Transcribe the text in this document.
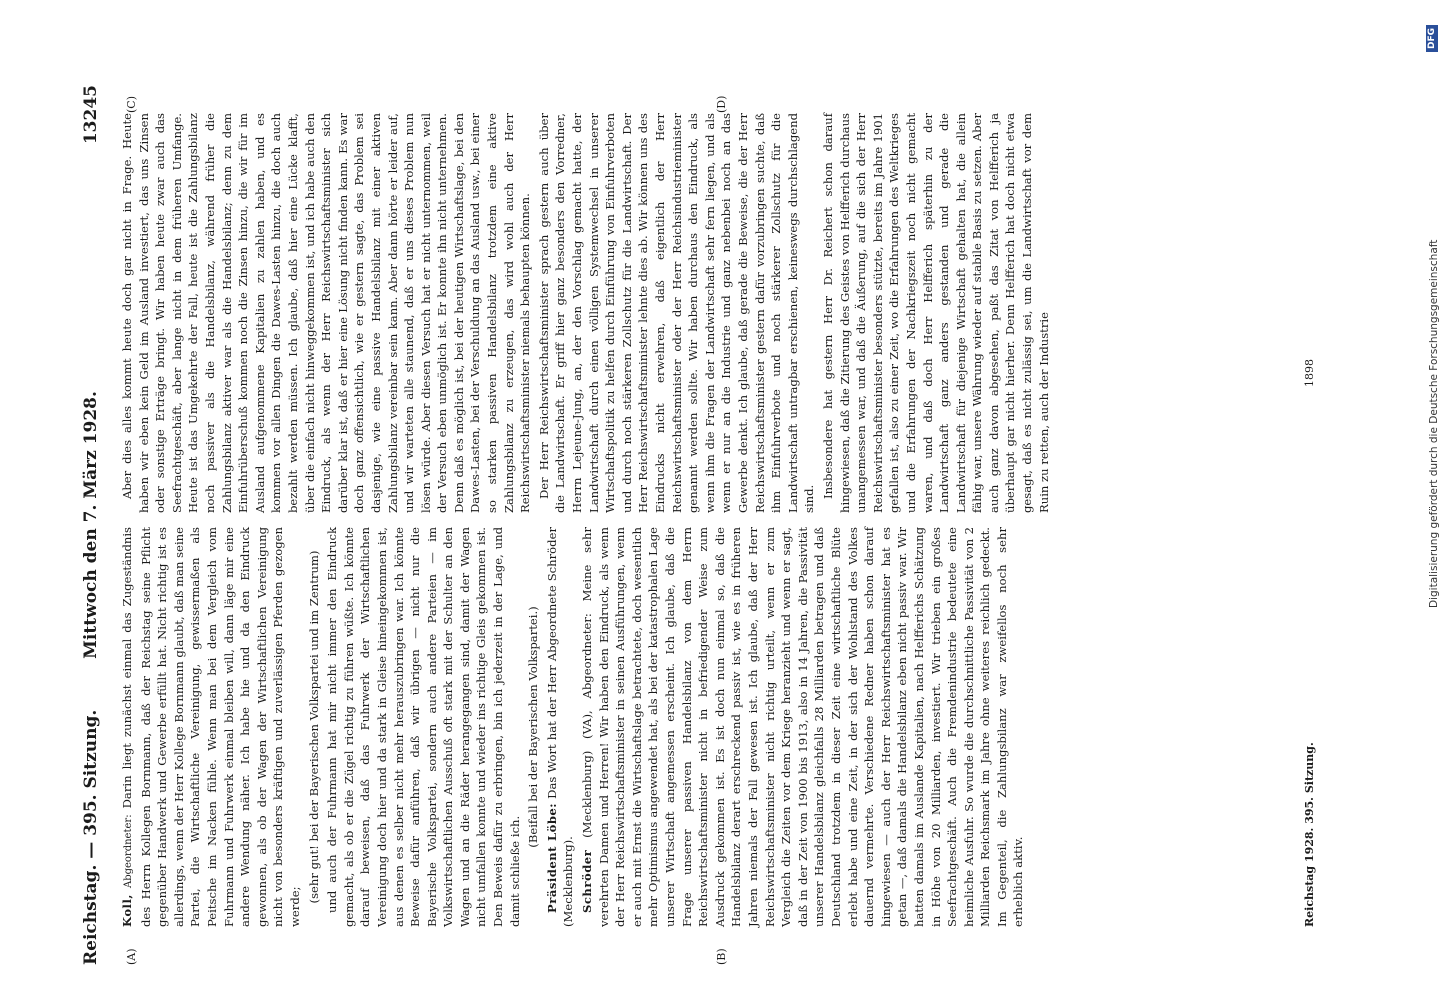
Reichstag. — 395. Sitzung.
Mittwoch den 7. März 1928.
13245
(A)	(B)
(C)	(D)

Koll, Abgeordneter: Darin liegt zunächst einmal das Zugeständnis des Herrn Kollegen Bornmann, daß der Reichstag seine Pflicht gegenüber Handwerk und Gewerbe erfüllt hat. Nicht richtig ist es allerdings, wenn der Herr Kollege Bornmann glaubt, daß man seine Partei, die Wirtschaftliche Vereinigung, gewissermaßen als Peitsche im Nacken fühle. Wenn man bei dem Vergleich vom Fuhrmann und Fuhrwerk einmal bleiben will, dann läge mir eine andere Wendung näher. Ich habe hie und da den Eindruck gewonnen, als ob der Wagen der Wirtschaftlichen Vereinigung nicht von besonders kräftigen und zuverlässigen Pferden gezogen werde;

(sehr gut! bei der Bayerischen Volkspartei und im Zentrum) und auch der Fuhrmann hat mir nicht immer den Eindruck gemacht, als ob er die Zügel richtig zu führen wüßte. Ich könnte darauf beweisen, daß das Fuhrwerk der Wirtschaftlichen Vereinigung doch hier und da stark in Gleise hineingekommen ist, aus denen es selber nicht mehr herauszubringen war. Ich könnte Beweise dafür anführen, daß wir übrigen — nicht nur die Bayerische Volkspartei, sondern auch andere Parteien — im Volkswirtschaftlichen Ausschuß oft stark mit der Schulter an den Wagen und an die Räder herangegangen sind, damit der Wagen nicht umfallen konnte und wieder ins richtige Gleis gekommen ist. Den Beweis dafür zu erbringen, bin ich jederzeit in der Lage, und damit schließe ich.

(Beifall bei der Bayerischen Volkspartei.)

Präsident Löbe: Das Wort hat der Herr Abgeordnete Schröder (Mecklenburg). Schröder (Mecklenburg) (VA), Abgeordneter: Meine sehr verehrten Damen und Herren! Wir haben den Eindruck, als wenn der Herr Reichswirtschaftsminister in seinen Ausführungen, wenn er auch mit Ernst die Wirtschaftslage betrachtete, doch wesentlich mehr Optimismus angewendet hat, als bei der katastrophalen Lage unserer Wirtschaft angemessen erscheint. Ich glaube, daß die Frage unserer passiven Handelsbilanz von dem Herrn Reichswirtschaftsminister nicht in befriedigender Weise zum Ausdruck gekommen ist. Es ist doch nun einmal so, daß die Handelsbilanz derart erschreckend passiv ist, wie es in früheren Jahren niemals der Fall gewesen ist. Ich glaube, daß der Herr Reichswirtschaftsminister nicht richtig urteilt, wenn er zum Vergleich die Zeiten vor dem Kriege heranzieht und wenn er sagt, daß in der Zeit von 1900 bis 1913, also in 14 Jahren, die Passivität unserer Handelsbilanz gleichfalls 28 Milliarden betragen und daß Deutschland trotzdem in dieser Zeit eine wirtschaftliche Blüte erlebt habe und eine Zeit, in der sich der Wohlstand des Volkes dauernd vermehrte. Verschiedene Redner haben schon darauf hingewiesen — auch der Herr Reichswirtschaftsminister hat es getan —, daß damals die Handelsbilanz eben nicht passiv war. Wir hatten damals im Auslande Kapitalien, nach Helfferichs Schätzung in Höhe von 20 Milliarden, investiert. Wir trieben ein großes Seefrachtgeschäft. Auch die Fremdenindustrie bedeutete eine heimliche Ausfuhr. So wurde die durchschnittliche Passivität von 2 Milliarden Reichsmark im Jahre ohne weiteres reichlich gedeckt. Im Gegenteil, die Zahlungsbilanz war zweifellos noch sehr erheblich aktiv.

Aber dies alles kommt heute doch gar nicht in Frage. Heute haben wir eben kein Geld im Ausland investiert, das uns Zinsen oder sonstige Erträge bringt. Wir haben heute zwar auch das Seefrachtgeschäft, aber lange nicht in dem früheren Umfange. Heute ist das Umgekehrte der Fall, heute ist die Zahlungsbilanz noch passiver als die Handelsbilanz, während früher die Zahlungsbilanz aktiver war als die Handelsbilanz; denn zu dem Einfuhrüberschuß kommen noch die Zinsen hinzu, die wir für im Ausland aufgenommene Kapitalien zu zahlen haben, und es kommen vor allen Dingen die Dawes-Lasten hinzu, die doch auch bezahlt werden müssen. Ich glaube, daß hier eine Lücke klafft, über die einfach nicht hinweggekommen ist, und ich habe auch den Eindruck, als wenn der Herr Reichswirtschaftsminister sich darüber klar ist, daß er hier eine Lösung nicht finden kann. Es war doch ganz offensichtlich, wie er gestern sagte, das Problem sei dasjenige, wie eine passive Handelsbilanz mit einer aktiven Zahlungsbilanz vereinbar sein kann. Aber dann hörte er leider auf, und wir warteten alle staunend, daß er uns dieses Problem nun lösen würde. Aber diesen Versuch hat er nicht unternommen, weil der Versuch eben unmöglich ist. Er konnte ihn nicht unternehmen. Denn daß es möglich ist, bei der heutigen Wirtschaftslage, bei den Dawes-Lasten, bei der Verschuldung an das Ausland usw., bei einer so starken passiven Handelsbilanz trotzdem eine aktive Zahlungsbilanz zu erzeugen, das wird wohl auch der Herr Reichswirtschaftsminister niemals behaupten können. Der Herr Reichswirtschaftsminister sprach gestern auch über die Landwirtschaft. Er griff hier ganz besonders den Vorredner, Herrn Lejeune-Jung, an, der den Vorschlag gemacht hatte, der Landwirtschaft durch einen völligen Systemwechsel in unserer Wirtschaftspolitik zu helfen durch Einführung von Einfuhrverboten und durch noch stärkeren Zollschutz für die Landwirtschaft. Der Herr Reichswirtschaftsminister lehnte dies ab. Wir können uns des Eindrucks nicht erwehren, daß eigentlich der Herr Reichswirtschaftsminister oder der Herr Reichsindustrieminister genannt werden sollte. Wir haben durchaus den Eindruck, als wenn ihm die Fragen der Landwirtschaft sehr fern liegen, und als wenn er nur an die Industrie und ganz nebenbei noch an das Gewerbe denkt. Ich glaube, daß gerade die Beweise, die der Herr Reichswirtschaftsminister gestern dafür vorzubringen suchte, daß ihm Einfuhrverbote und noch stärkerer Zollschutz für die Landwirtschaft untragbar erschienen, keineswegs durchschlagend sind. Insbesondere hat gestern Herr Dr. Reichert schon darauf hingewiesen, daß die Zitierung des Geistes von Helfferich durchaus unangemessen war, und daß die Äußerung, auf die sich der Herr Reichswirtschaftsminister besonders stützte, bereits im Jahre 1901 gefallen ist, also zu einer Zeit, wo die Erfahrungen des Weltkrieges und die Erfahrungen der Nachkriegszeit noch nicht gemacht waren, und daß doch Herr Helfferich späterhin zu der Landwirtschaft ganz anders gestanden und gerade die Landwirtschaft für diejenige Wirtschaft gehalten hat, die allein fähig war, unsere Währung wieder auf stabile Basis zu setzen. Aber auch ganz davon abgesehen, paßt das Zitat von Helfferich ja überhaupt gar nicht hierher. Denn Helfferich hat doch nicht etwa gesagt, daß es nicht zulässig sei, um die Landwirtschaft vor dem Ruin zu retten, auch der Industrie

Reichstag 1928. 395. Sitzung.
1898	Digitalisierung gefördert durch die Deutsche Forschungsgemeinschaft
DFG
